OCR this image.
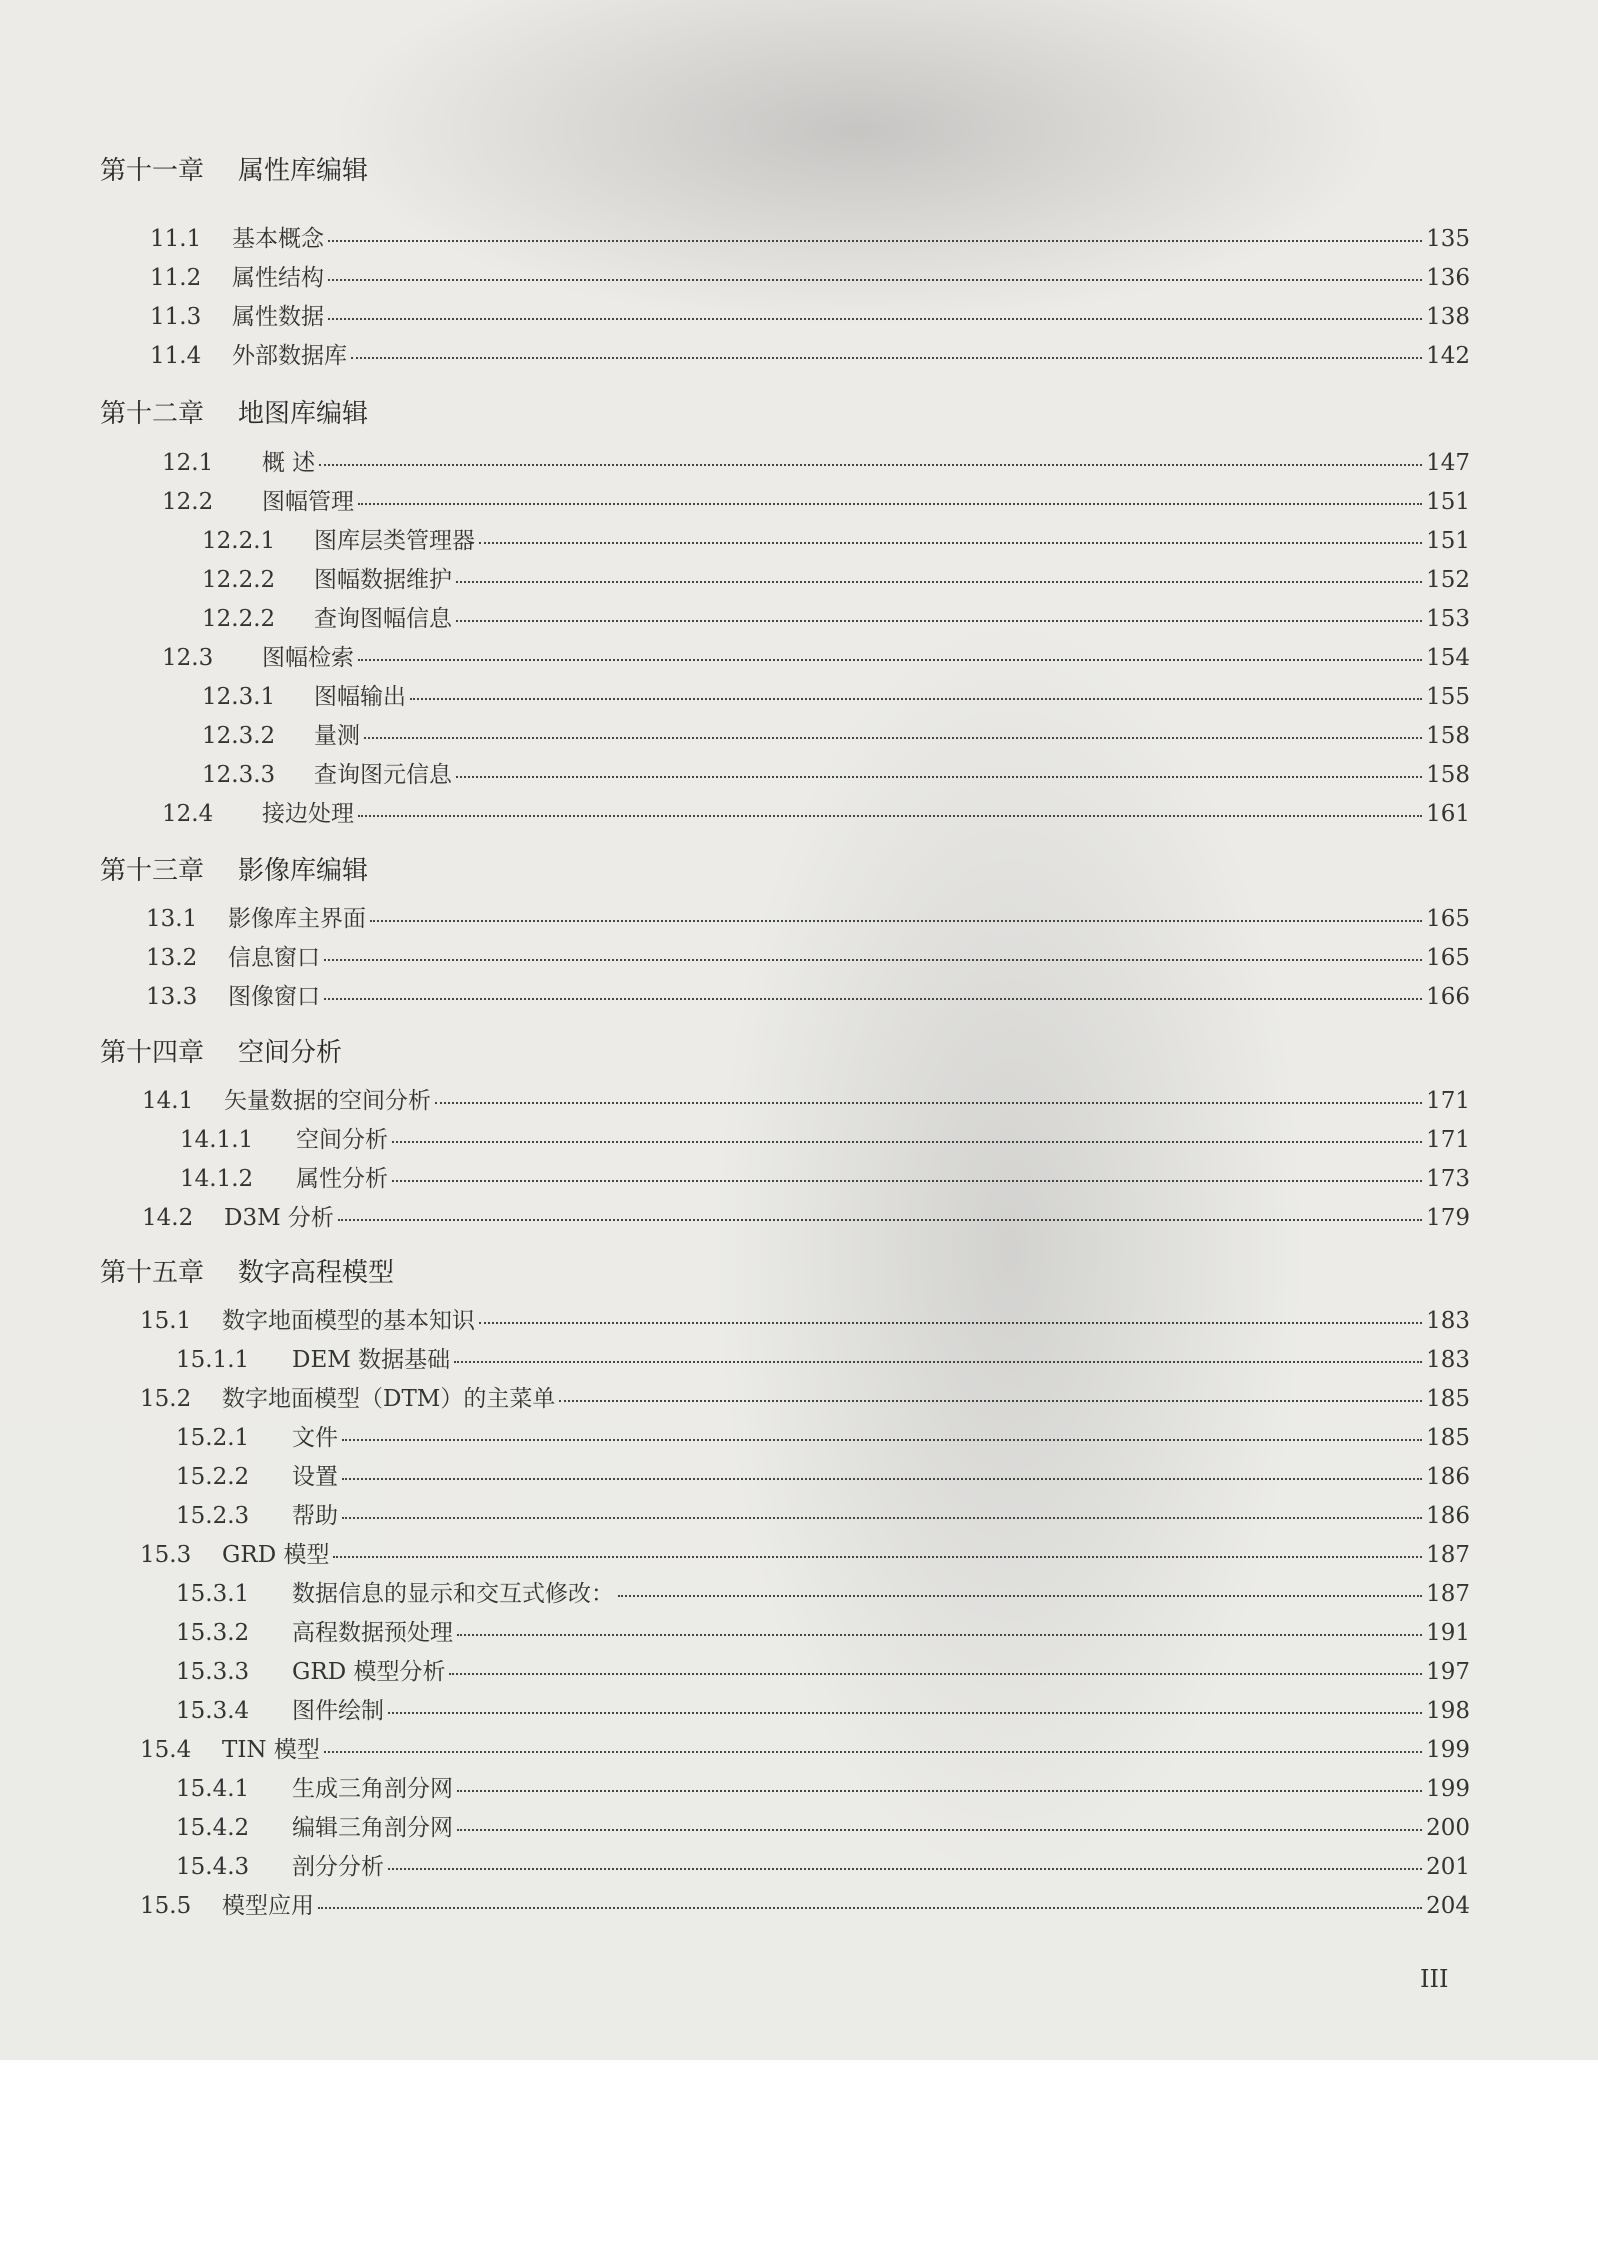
第十一章 属性库编辑
11.1	基本概念	135
11.2	属性结构	136
11.3	属性数据	138
11.4	外部数据库	142
第十二章 地图库编辑
12.1	概 述	147
12.2	图幅管理	151
12.2.1	图库层类管理器	151
12.2.2	图幅数据维护	152
12.2.2	查询图幅信息	153
12.3	图幅检索	154
12.3.1	图幅输出	155
12.3.2	量测	158
12.3.3	查询图元信息	158
12.4	接边处理	161
第十三章 影像库编辑
13.1	影像库主界面	165
13.2	信息窗口	165
13.3	图像窗口	166
第十四章 空间分析
14.1	矢量数据的空间分析	171
14.1.1	空间分析	171
14.1.2	属性分析	173
14.2	D3M 分析	179
第十五章 数字高程模型
15.1	数字地面模型的基本知识	183
15.1.1	DEM 数据基础	183
15.2	数字地面模型（DTM）的主菜单	185
15.2.1	文件	185
15.2.2	设置	186
15.2.3	帮助	186
15.3	GRD 模型	187
15.3.1	数据信息的显示和交互式修改：	187
15.3.2	高程数据预处理	191
15.3.3	GRD 模型分析	197
15.3.4	图件绘制	198
15.4	TIN 模型	199
15.4.1	生成三角剖分网	199
15.4.2	编辑三角剖分网	200
15.4.3	剖分分析	201
15.5	模型应用	204
III
